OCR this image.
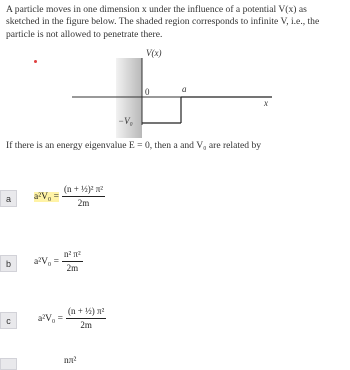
A particle moves in one dimension x under the influence of a potential V(x) as

sketched in the figure below. The shaded region corresponds to infinite V, i.e., the

particle is not allowed to penetrate there.

V(x)
0	a
x
−V₀
If there is an energy eigenvalue E = 0, then a and V₀ are related by
a	$a^2V_0 = \frac{\text{(n + ½)² π²}}{2m}$
b	$a^2V_0 = \frac{\text{n² π²}}{2m}$
c	$a^2V_0 = \frac{\text{(n + ½) π²}}{2m}$
nπ²
